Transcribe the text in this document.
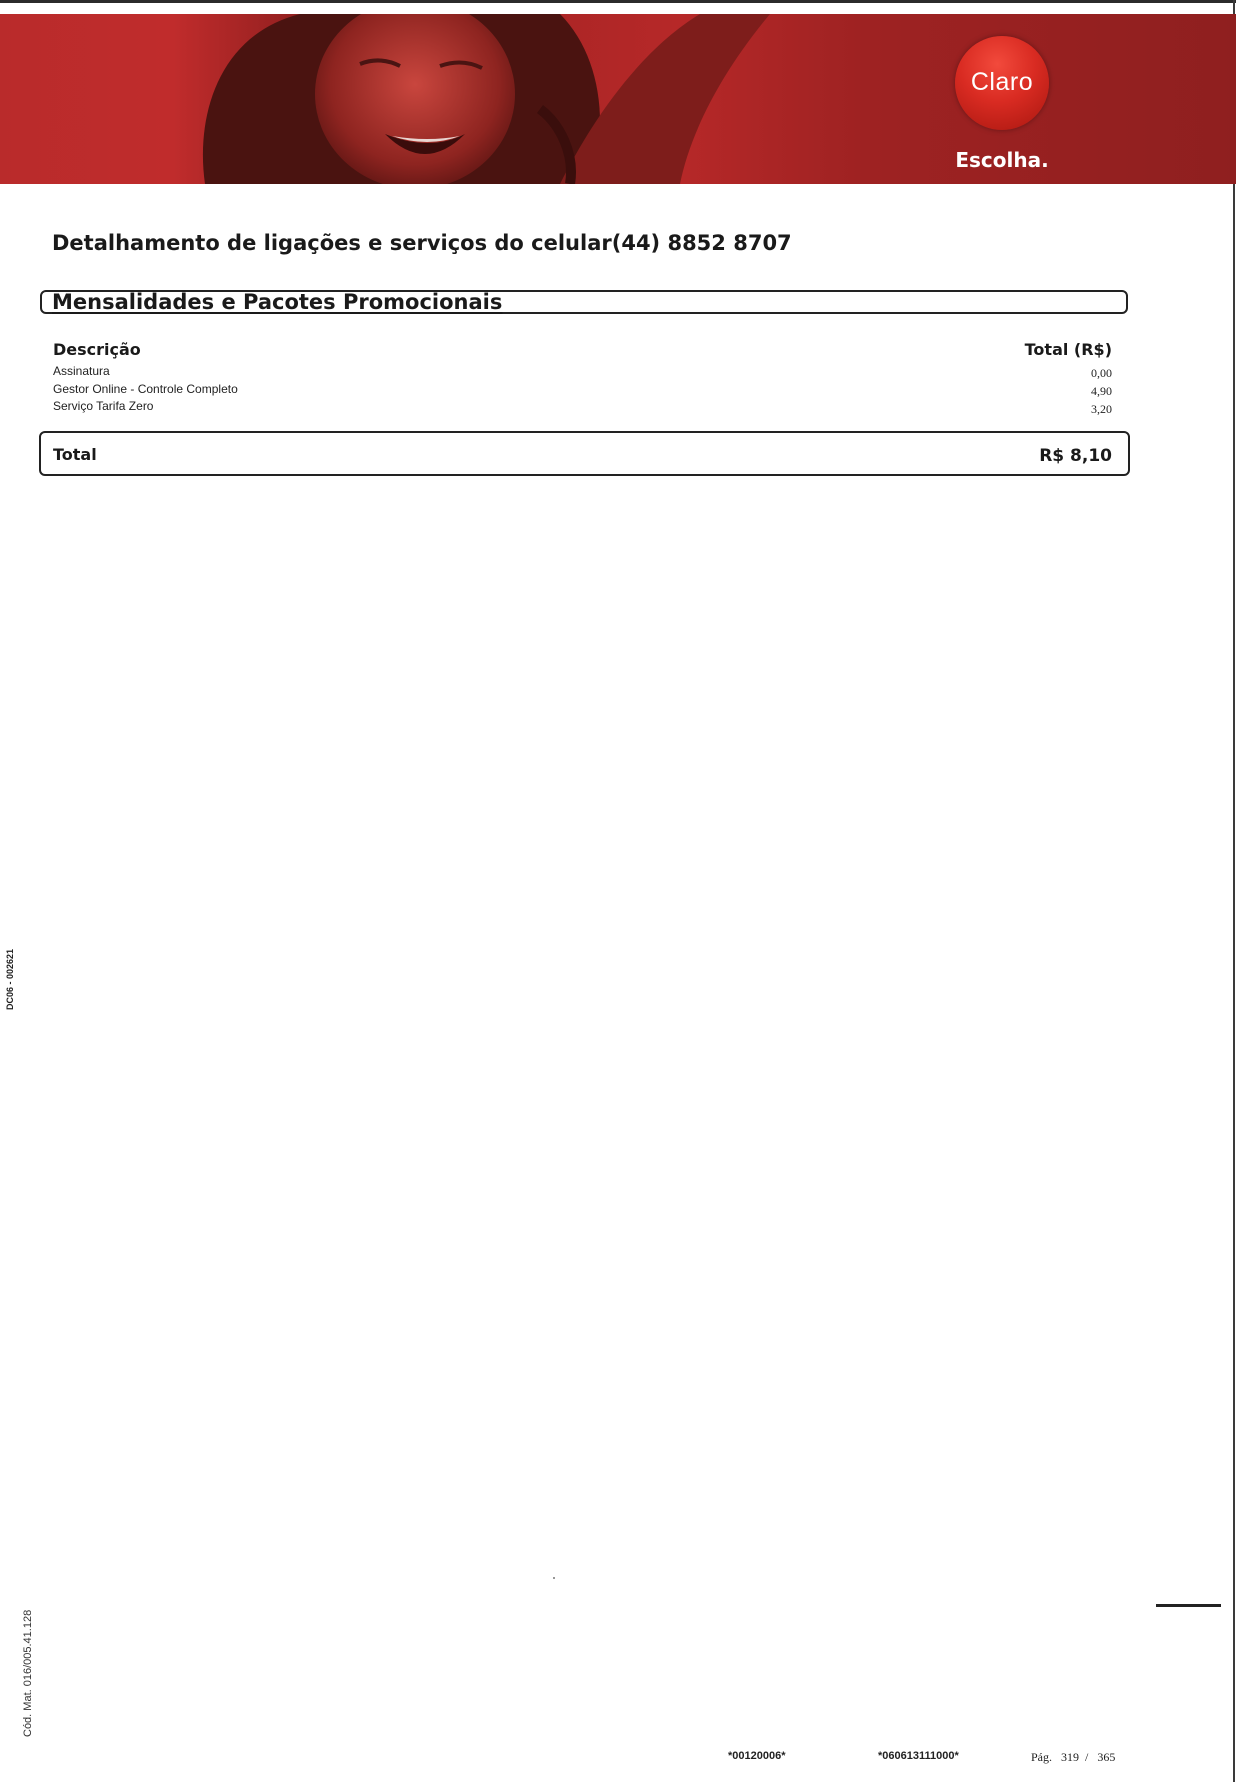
Claro
Escolha.
Detalhamento de ligações e serviços do celular(44) 8852 8707
Mensalidades e Pacotes Promocionais
Descrição	Total (R$)
Assinatura	0,00
Gestor Online - Controle Completo	4,90
Serviço Tarifa Zero	3,20
Total	R$ 8,10
DC06 - 002621
Cód. Mat. 016/005.41.128
*00120006*	*060613111000*	Pág. 319 / 365
